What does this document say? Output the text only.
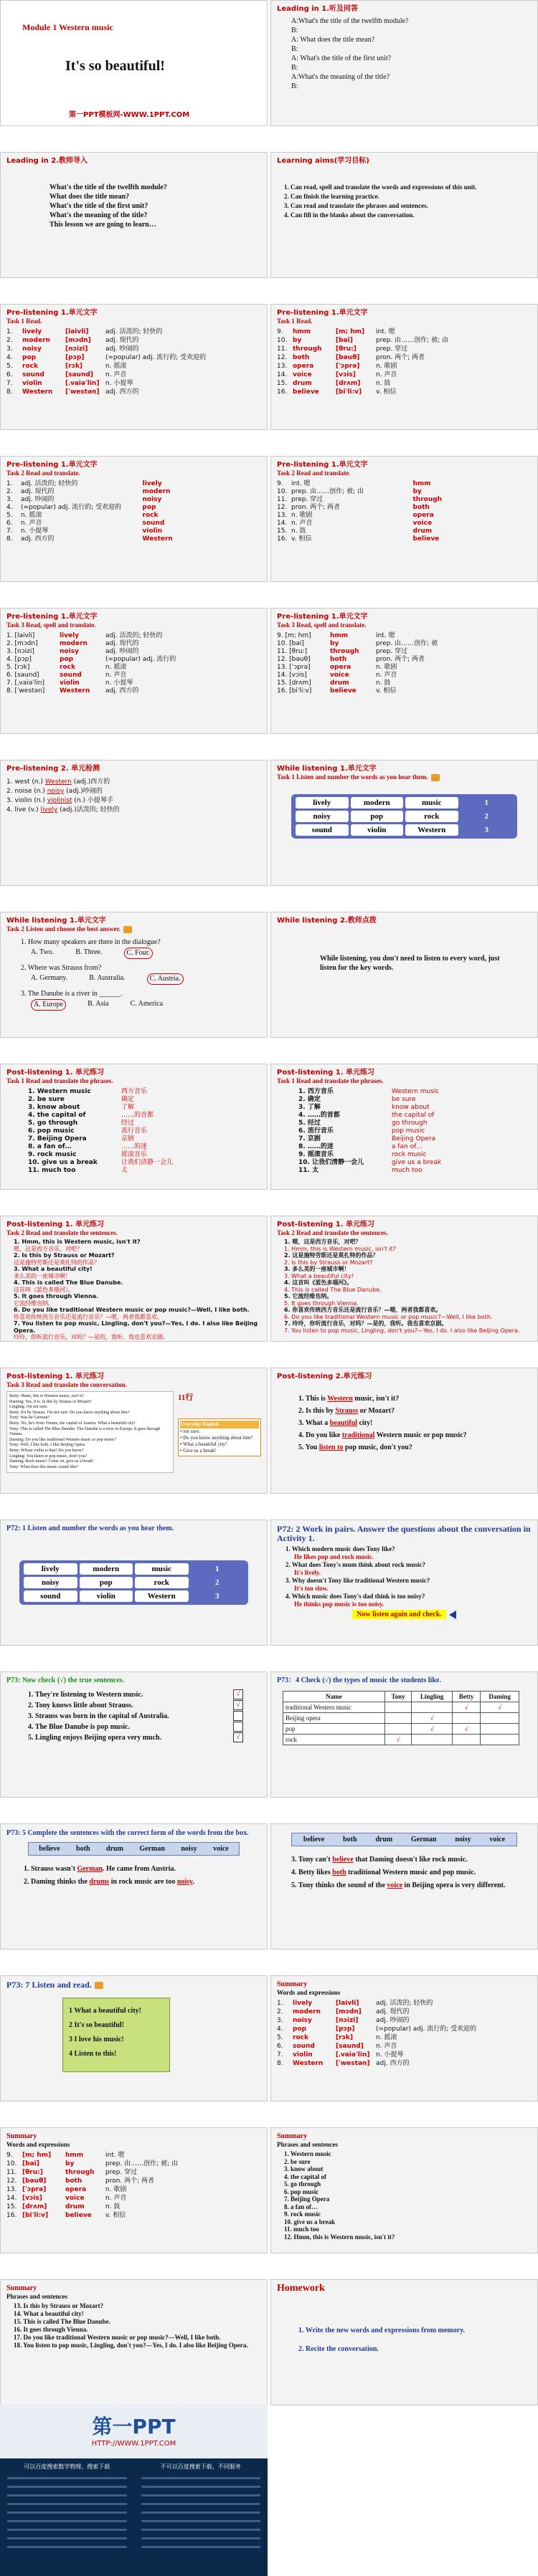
Module 1 Western music
It's so beautiful!
第一PPT模板网-WWW.1PPT.COM
Leading in 1.听及同答
A:What's the title of the twelfth module?
B:
A: What does the title mean?
B:
A: What's the title of the first unit?
B:
A:What's the meaning of the title?
B:
Leading in 2.教师导入
What's the title of the twelfth module?
What does the title mean?
What's the title of the first unit?
What's the meaning of the title?
This lesson we are going to learn…
Learning aims(学习目标)
1. Can read, spell and translate the words and expressions of this unit.
2. Can finish the learning practice.
3. Can read and translate the phrases and sentences.
4. Can fill in the blanks about the conversation.
Pre-listening 1.单元文字
Task 1 Read.
1.	lively	[laivli]	adj. 活泼的; 轻快的
2.	modern	[mɔdn]	adj. 现代的
3.	noisy	[nɔizi]	adj. 吵闹的
4.	pop	[pɔp]	(=popular) adj. 流行的; 受欢迎的
5.	rock	[rɔk]	n. 摇滚
6.	sound	[saund]	n. 声音
7.	violin	[ˌvaiəˈlin] n. 小提琴
8.	Western	[ˈwestən] adj. 西方的
Pre-listening 1.单元文字
Task 1 Read.
9.	hmm	[m; hm]	int. 嗯
10. by	[bai]	prep. 由……创作; 被; 由
11. through	[θru:]	prep. 穿过
12. both	[bəuθ]	pron. 两个; 两者
13. opera	[ˈɔprə]	n. 歌剧
14. voice	[vɔis]	n. 声音
15. drum	[drʌm]	n. 鼓
16. believe	[biˈli:v]	v. 相信
Pre-listening 1.单元文字
Task 2 Read and translate.
1.	adj. 活泼的; 轻快的	lively
2.	adj. 现代的	modern
3.	adj. 吵闹的	noisy
4.	(=popular) adj. 流行的; 受欢迎的	pop
5.	n. 摇滚	rock
6.	n. 声音	sound
7.	n. 小提琴	violin
8.	adj. 西方的	Western
Pre-listening 1.单元文字
Task 2 Read and translate.
9.	int. 嗯	hmm
10. prep. 由……创作; 被; 由	by
11. prep. 穿过	through
12. pron. 两个; 两者	both
13. n. 歌剧	opera
14. n. 声音	voice
15. n. 鼓	drum
16. v. 相信	believe
Pre-listening 1.单元文字
Task 3 Read, spell and translate.
1. [laivli]	lively	adj. 活泼的; 轻快的
2. [mɔdn]	modern	adj. 现代的
3. [nɔizi]	noisy	adj. 吵闹的
4. [pɔp]	pop	(=popular) adj. 流行的
5. [rɔk]	rock	n. 摇滚
6. [saund]	sound	n. 声音
7. [ˌvaiəˈlin]	violin	n. 小提琴
8. [ˈwestən]	Western	adj. 西方的
Pre-listening 1.单元文字
Task 3 Read, spell and translate.
9. [m; hm]	hmm	int. 嗯
10. [bai]	by	prep. 由……创作; 被
11. [θru:]	through	prep. 穿过
12. [bəuθ]	both	pron. 两个; 两者
13. [ˈɔprə]	opera	n. 歌剧
14. [vɔis]	voice	n. 声音
15. [drʌm]	drum	n. 鼓
16. [biˈli:v]	believe	v. 相信
Pre-listening 2. 单元检测
1. west (n.) Western (adj.)西方的
2. noise (n.) noisy (adj.)吵闹的
3. violin (n.) violinist (n.) 小提琴手
4. live (v.) lively (adj.)活泼的; 轻快的
While listening 1.单元文字
Task 1 Listen and number the words as you hear them.
lively	modern	music	1
noisy	pop	rock	2
sound	violin	Western	3
While listening 1.单元文字
Task 2 Listen and choose the best answer.
1. How many speakers are there in the dialogue?
A. Two.	B. Three.	C. Four.
2. Where was Strauss from?
A. Germany.	B. Australia.	C. Austria.
3. The Danube is a river in ______.
A. Europe	B. Asia	C. America
While listening 2.教师点拨
While listening, you don't need to listen to every word, just listen for the key words.
Post-listening 1. 单元练习
Task 1 Read and translate the phrases.
1. Western music	西方音乐
2. be sure	确定
3. know about	了解
4. the capital of	……的首都
5. go through	经过
6. pop music	流行音乐
7. Beijing Opera	京剧
8. a fan of…	……的迷
9. rock music	摇滚音乐
10. give us a break	让我们清静一会儿
11. much too	太
Post-listening 1. 单元练习
Task 1 Read and translate the phrases.
1. 西方音乐	Western music
2. 确定	be sure
3. 了解	know about
4. ……的首都	the capital of
5. 经过	go through
6. 流行音乐	pop music
7. 京剧	Beijing Opera
8. ……的迷	a fan of…
9. 摇滚音乐	rock music
10. 让我们清静一会儿	give us a break
11. 太	much too
Post-listening 1. 单元练习
Task 2 Read and translate the sentences.
1. Hmm, this is Western music, isn't it?
嗯，这是西方音乐，对吧？
2. Is this by Strauss or Mozart?
这是施特劳斯还是莫扎特的作品？
3. What a beautiful city!
多么美的一座城市啊！
4. This is called The Blue Danube.
这首叫《蓝色多瑙河》。
5. It goes through Vienna.
它流经维也纳。
6. Do you like traditional Western music or pop music?—Well, I like both.
你喜欢传统西方音乐还是流行音乐？—嗯，两者我都喜欢。
7. You listen to pop music, Lingling, don't you?—Yes, I do. I also like Beijing Opera.
玲玲，你听流行音乐，对吗？—是的，我听。我也喜欢京剧。
Post-listening 1. 单元练习
Task 2 Read and translate the sentences.
1. 嗯，这是西方音乐，对吧？
1. Hmm, this is Western music, isn't it?
2. 这是施特劳斯还是莫扎特的作品？
2. Is this by Strauss or Mozart?
3. 多么美的一座城市啊！
3. What a beautiful city!
4. 这首叫《蓝色多瑙河》。
4. This is called The Blue Danube.
5. 它流经维也纳。
5. It goes through Vienna.
6. 你喜欢传统西方音乐还是流行音乐？—嗯，两者我都喜欢。
6. Do you like traditional Western music or pop music?—Well, I like both.
7. 玲玲，你听流行音乐，对吗？—是的，我听。我也喜欢京剧。
7. You listen to pop music, Lingling, don't you?—Yes, I do. I also like Beijing Opera.
Post-listening 1. 单元练习
Task 3 Read and translate the conversation.
Betty: Hmm, this is Western music, isn't it?
Daming: Yes, it is. Is this by Strauss or Mozart?
Lingling: I'm not sure.
Betty: It's by Strauss. I'm not sure. Do you know anything about him?
Tony: Was he German?
Betty: No, he's from Vienna, the capital of Austria. What a beautiful city!
Tony: This is called The Blue Danube. The Danube is a river in Europe. It goes through Vienna.
Daming: Do you like traditional Western music or pop music?
Tony: Well, I like both. I like Beijing Opera.
Betty: Whose violin is that? Do you know?
Lingling: You listen to pop music, don't you?
Daming: Rock music! Come on, give us a break!
Tony: What does this music sound like?
11行
Everyday English
• not sure.
• Do you know anything about him?
• What a beautiful city!
• Give us a break!
Post-listening 2.单元练习
1. This is Western music, isn't it?
2. Is this by Strauss or Mozart?
3. What a beautiful city!
4. Do you like traditional Western music or pop music?
5. You listen to pop music, don't you?
P72: 1 Listen and number the words as you hear them.
lively	modern	music	1
noisy	pop	rock	2
sound	violin	Western	3
P72: 2 Work in pairs. Answer the questions about the conversation in Activity 1.
1. Which modern music does Tony like?
He likes pop and rock music.
2. What does Tony's mum think about rock music?
It's lively.
3. Why doesn't Tony like traditional Western music?
It's too slow.
4. Which music does Tony's dad think is too noisy?
He thinks pop music is too noisy.
Now listen again and check.
P73: Now check (√) the true sentences.
1. They're listening to Western music.	√
2. Tony knows little about Strauss.	√
3. Strauss was born in the capital of Australia.
4. The Blue Danube is pop music.
5. Lingling enjoys Beijing opera very much.	√
P73：4 Check (√) the types of music the students like.
Name	Tony	Lingling	Betty	Daming
traditional Western music			√	√
Beijing opera		√		
pop		√	√	
rock	√			
P73: 5 Complete the sentences with the correct form of the words from the box.
believe both drum German noisy voice
1. Strauss wasn't German. He came from Austria.
2. Daming thinks the drums in rock music are too noisy.
believe	both	drum	German	noisy	voice
3. Tony can't believe that Daming doesn't like rock music.
4. Betty likes both traditional Western music and pop music.
5. Tony thinks the sound of the voice in Beijing opera is very different.
P73: 7 Listen and read.
1 What a beautiful city!
2 It's so beautiful!
3 I love his music!
4 Listen to this!
Summary
Words and expressions
1.	lively	[laivli]	adj. 活泼的; 轻快的
2.	modern	[mɔdn]	adj. 现代的
3.	noisy	[nɔizi]	adj. 吵闹的
4.	pop	[pɔp]	(=popular) adj. 流行的; 受欢迎的
5.	rock	[rɔk]	n. 摇滚
6.	sound	[saund]	n. 声音
7.	violin	[ˌvaiəˈlin] n. 小提琴
8.	Western	[ˈwestən] adj. 西方的
Summary
Words and expressions
9.	[m; hm]	hmm	int. 嗯
10. [bai]	by	prep. 由……创作; 被; 由
11. [θru:]	through	prep. 穿过
12. [bəuθ]	both	pron. 两个; 两者
13. [ˈɔprə]	opera	n. 歌剧
14. [vɔis]	voice	n. 声音
15. [drʌm]	drum	n. 鼓
16. [biˈli:v]	believe	v. 相信
Summary
Phrases and sentences
1. Western music
2. be sure
3. know about
4. the capital of
5. go through
6. pop music
7. Beijing Opera
8. a fan of…
9. rock music
10. give us a break
11. much too
12. Hmm, this is Western music, isn't it?
Summary
Phrases and sentences
13. Is this by Strauss or Mozart?
14. What a beautiful city!
15. This is called The Blue Danube.
16. It goes through Vienna.
17. Do you like traditional Western music or pop music?—Well, I like both.
18. You listen to pop music, Lingling, don't you?—Yes, I do. I also like Beijing Opera.
Homework
1. Write the new words and expressions from memory.
2. Recite the conversation.
第一PPT
HTTP://WWW.1PPT.COM
可以百度搜索数学物理、搜索下载	不可以百度搜索下载、不同服务
